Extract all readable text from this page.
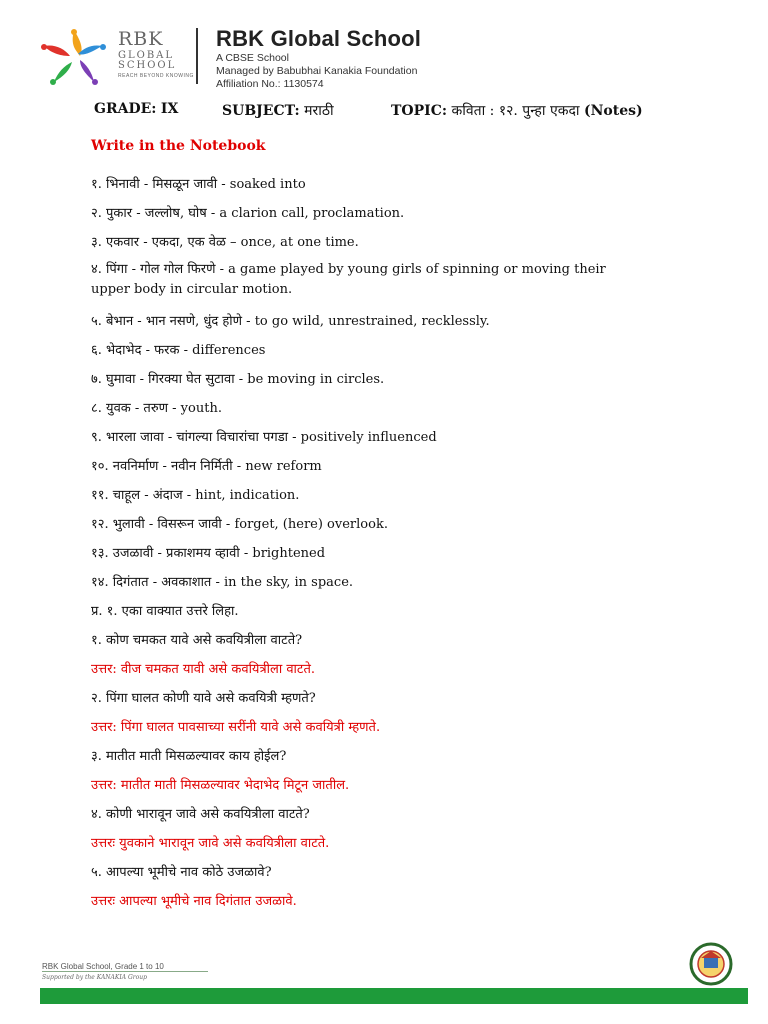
RBK
GLOBAL
SCHOOL
REACH BEYOND KNOWING
RBK Global School
A CBSE School
Managed by Babubhai Kanakia Foundation
Affiliation No.: 1130574
GRADE: IX	SUBJECT: मराठी	TOPIC: कविता : १२. पुन्हा एकदा (Notes)
Write in the Notebook
१. भिनावी - मिसळून जावी - soaked into
२. पुकार - जल्लोष, घोष - a clarion call, proclamation.
३. एकवार - एकदा, एक वेळ – once, at one time.
४. पिंगा - गोल गोल फिरणे - a game played by young girls of spinning or moving their upper body in circular motion.
५. बेभान - भान नसणे, धुंद होणे - to go wild, unrestrained, recklessly.
६. भेदाभेद - फरक - differences
७. घुमावा - गिरक्या घेत सुटावा - be moving in circles.
८. युवक - तरुण - youth.
९. भारला जावा - चांगल्या विचारांचा पगडा - positively influenced
१०. नवनिर्माण - नवीन निर्मिती - new reform
११. चाहूल - अंदाज - hint, indication.
१२. भुलावी - विसरून जावी - forget, (here) overlook.
१३. उजळावी - प्रकाशमय व्हावी - brightened
१४. दिगंतात - अवकाशात - in the sky, in space.
प्र. १. एका वाक्यात उत्तरे लिहा.
१. कोण चमकत यावे असे कवयित्रीला वाटते?
उत्तर: वीज चमकत यावी असे कवयित्रीला वाटते.
२. पिंगा घालत कोणी यावे असे कवयित्री म्हणते?
उत्तर: पिंगा घालत पावसाच्या सरींनी यावे असे कवयित्री म्हणते.
३. मातीत माती मिसळल्यावर काय होईल?
उत्तर: मातीत माती मिसळल्यावर भेदाभेद मिटून जातील.
४. कोणी भारावून जावे असे कवयित्रीला वाटते?
उत्तरः युवकाने भारावून जावे असे कवयित्रीला वाटते.
५. आपल्या भूमीचे नाव कोठे उजळावे?
उत्तरः आपल्या भूमीचे नाव दिगंतात उजळावे.
RBK Global School, Grade 1 to 10
Supported by the KANAKIA Group
